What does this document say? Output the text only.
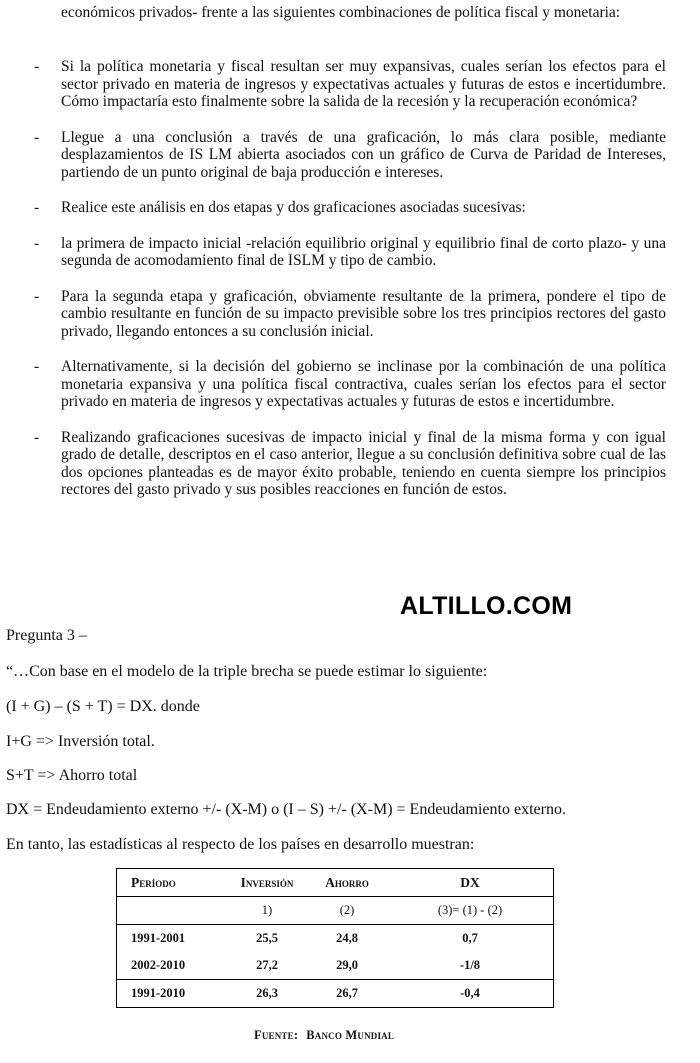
económicos privados- frente a las siguientes combinaciones de política fiscal y monetaria:
- Si la política monetaria y fiscal resultan ser muy expansivas, cuales serían los efectos para el sector privado en materia de ingresos y expectativas actuales y futuras de estos e incertidumbre. Cómo impactaría esto finalmente sobre la salida de la recesión y la recuperación económica?
- Llegue a una conclusión a través de una graficación, lo más clara posible, mediante desplazamientos de IS LM abierta asociados con un gráfico de Curva de Paridad de Intereses, partiendo de un punto original de baja producción e intereses.
- Realice este análisis en dos etapas y dos graficaciones asociadas sucesivas:
- la primera de impacto inicial -relación equilibrio original y equilibrio final de corto plazo- y una segunda de acomodamiento final de ISLM y tipo de cambio.
- Para la segunda etapa y graficación, obviamente resultante de la primera, pondere el tipo de cambio resultante en función de su impacto previsible sobre los tres principios rectores del gasto privado, llegando entonces a su conclusión inicial.
- Alternativamente, si la decisión del gobierno se inclinase por la combinación de una política monetaria expansiva y una política fiscal contractiva, cuales serían los efectos para el sector privado en materia de ingresos y expectativas actuales y futuras de estos e incertidumbre.
- Realizando graficaciones sucesivas de impacto inicial y final de la misma forma y con igual grado de detalle, descriptos en el caso anterior, llegue a su conclusión definitiva sobre cual de las dos opciones planteadas es de mayor éxito probable, teniendo en cuenta siempre los principios rectores del gasto privado y sus posibles reacciones en función de estos.
ALTILLO.COM
Pregunta 3 –
“…Con base en el modelo de la triple brecha se puede estimar lo siguiente:
(I + G) – (S + T) = DX. donde
I+G => Inversión total.
S+T => Ahorro total
DX = Endeudamiento externo +/- (X-M) o (I – S) +/- (X-M) = Endeudamiento externo.
En tanto, las estadísticas al respecto de los países en desarrollo muestran:
Período	Inversión	Ahorro	DX
	1)	(2)	(3)= (1) - (2)
1991-2001	25,5	24,8	0,7
2002-2010	27,2	29,0	-1/8
1991-2010	26,3	26,7	-0,4
Fuente: Banco Mundial
